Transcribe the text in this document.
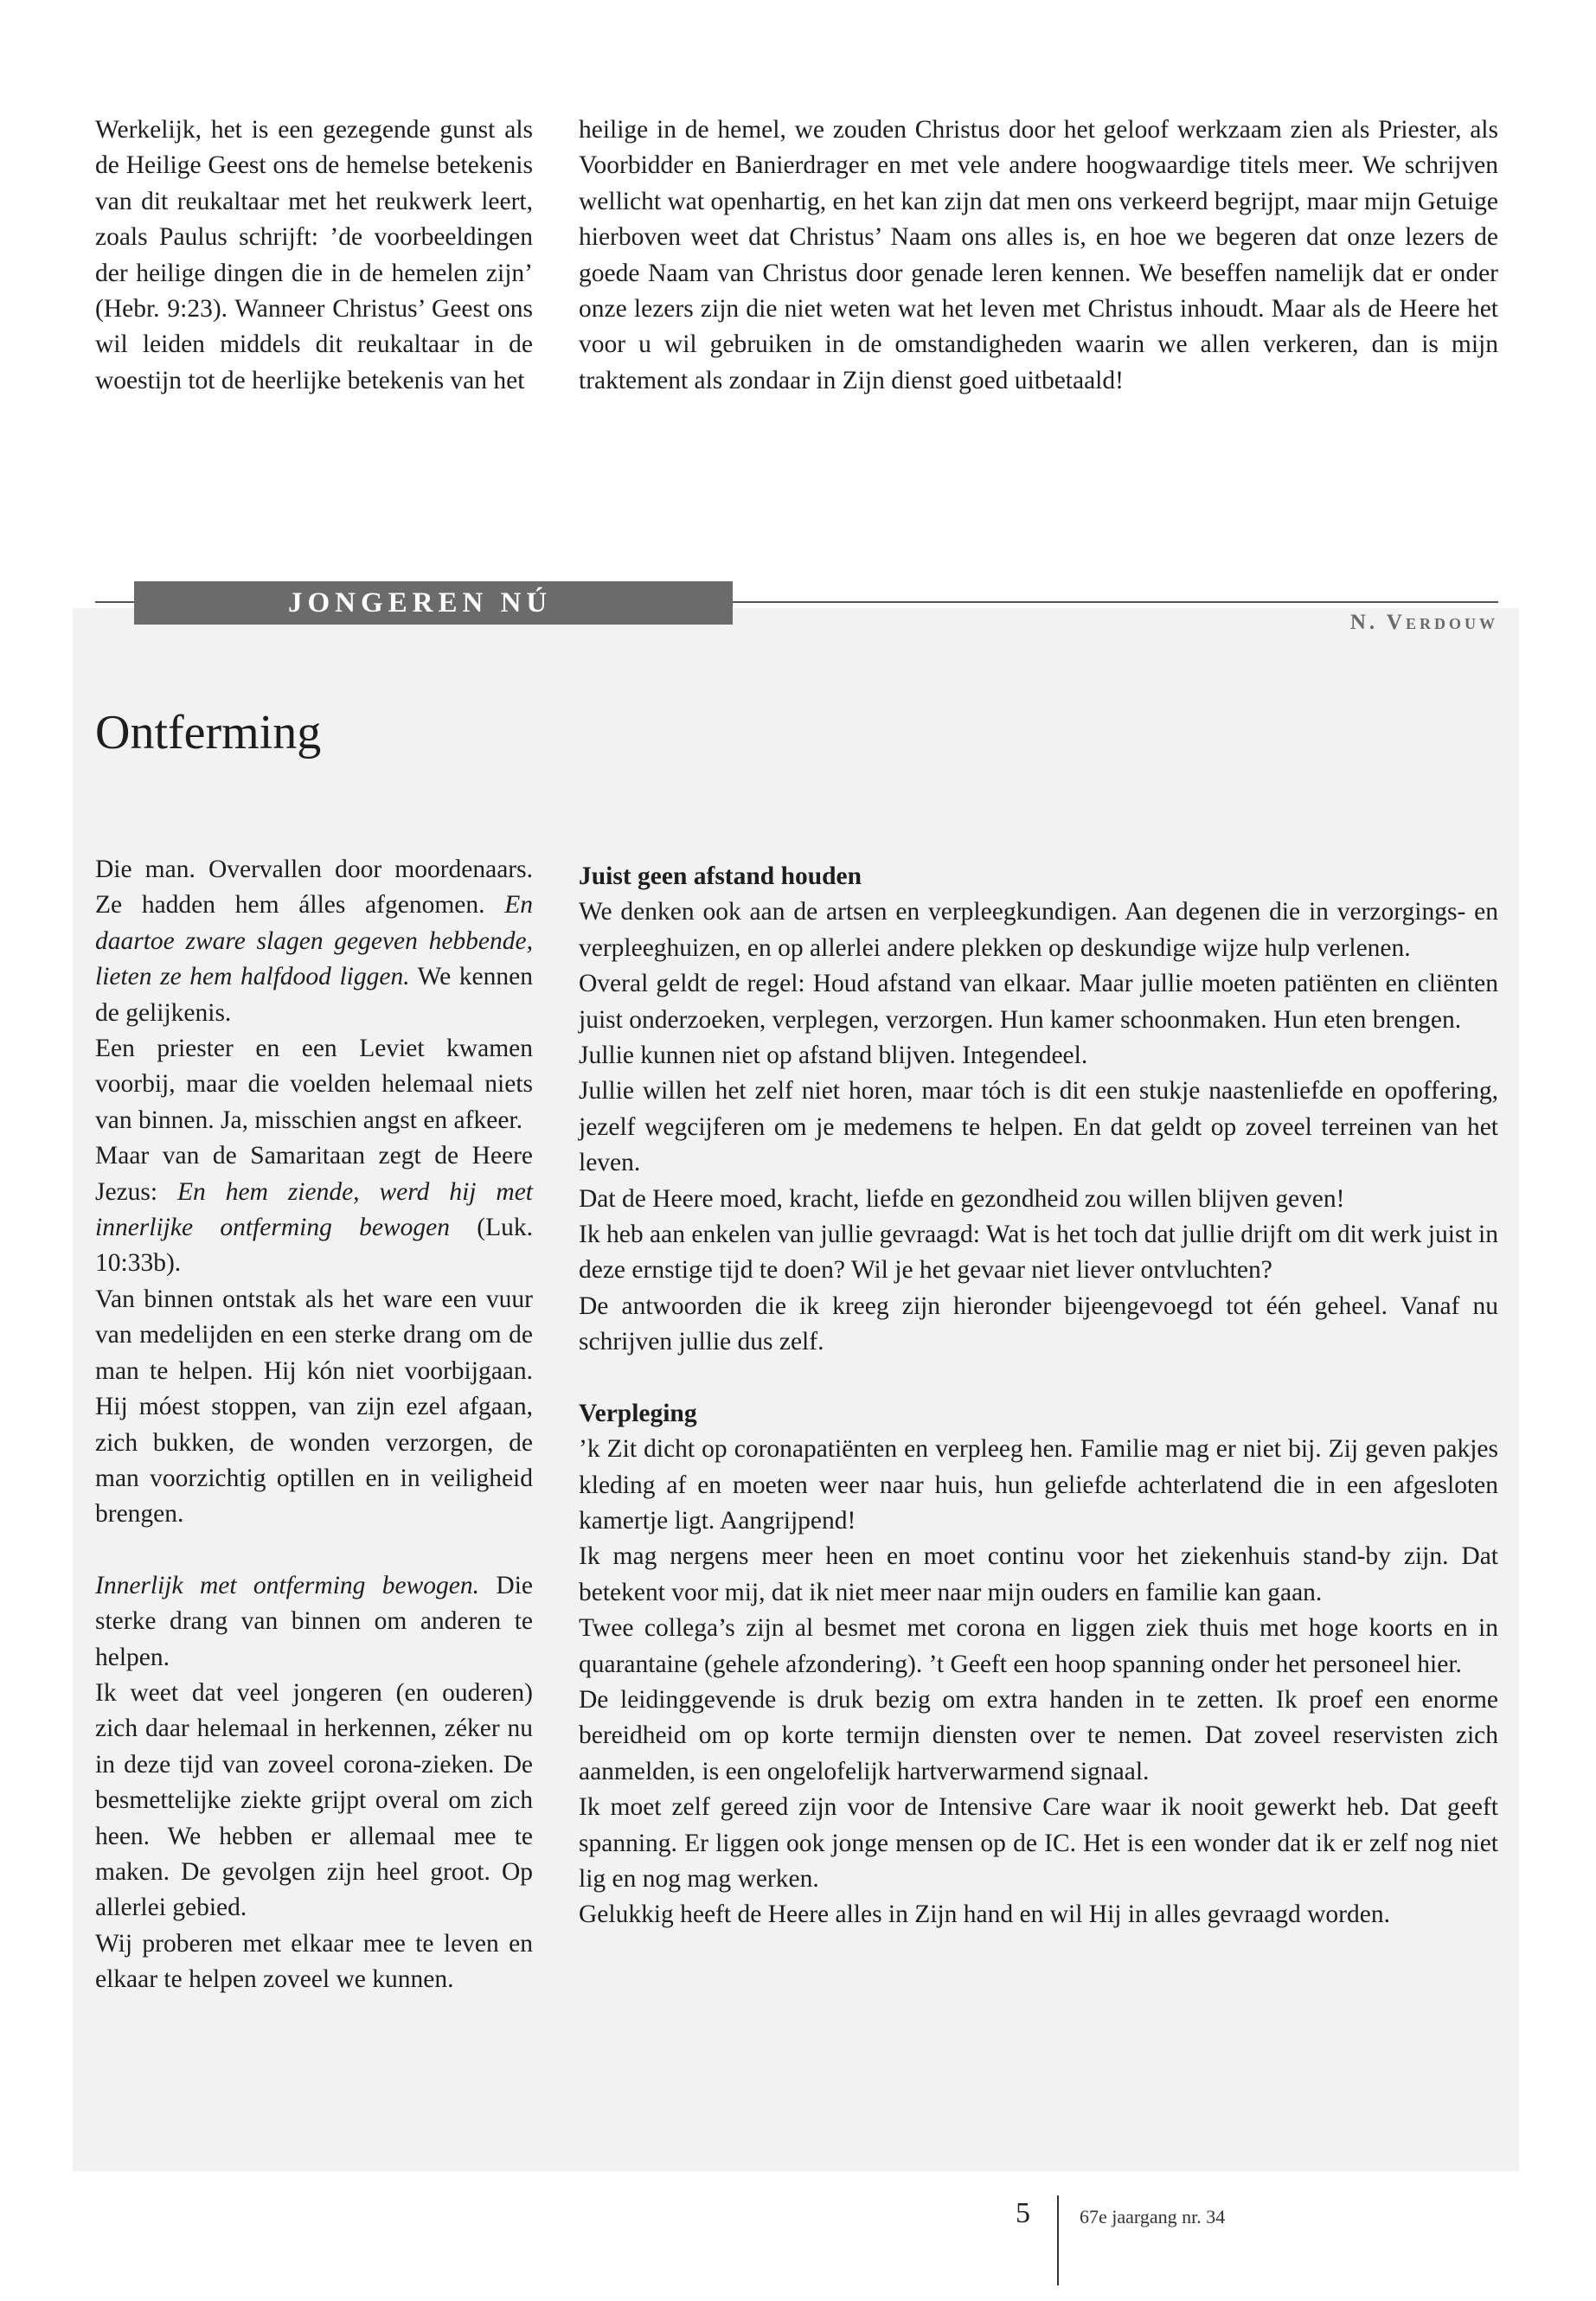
Werkelijk, het is een gezegende gunst als de Heilige Geest ons de hemelse betekenis van dit reukaltaar met het reukwerk leert, zoals Paulus schrijft: ’de voorbeeldingen der heilige dingen die in de hemelen zijn’ (Hebr. 9:23). Wanneer Christus’ Geest ons wil leiden middels dit reukaltaar in de woestijn tot de heerlijke betekenis van het

heilige in de hemel, we zouden Christus door het geloof werkzaam zien als Priester, als Voorbidder en Banierdrager en met vele andere hoogwaardige titels meer. We schrijven wellicht wat openhartig, en het kan zijn dat men ons verkeerd begrijpt, maar mijn Getuige hierboven weet dat Christus’ Naam ons alles is, en hoe we begeren dat onze lezers de goede Naam van Christus door genade leren kennen. We beseffen namelijk dat er onder onze lezers zijn die niet weten wat het leven met Christus inhoudt. Maar als de Heere het voor u wil gebruiken in de omstandigheden waarin we allen verkeren, dan is mijn traktement als zondaar in Zijn dienst goed uitbetaald!

JONGEREN NÚ
N. Verdouw
Ontferming

Die man. Overvallen door moordenaars. Ze hadden hem álles afgenomen. En daartoe zware slagen gegeven hebbende, lieten ze hem halfdood liggen. We kennen de gelijkenis.

Een priester en een Leviet kwamen voorbij, maar die voelden helemaal niets van binnen. Ja, misschien angst en afkeer.

Maar van de Samaritaan zegt de Heere Jezus: En hem ziende, werd hij met innerlijke ontferming bewogen (Luk. 10:33b).

Van binnen ontstak als het ware een vuur van medelijden en een sterke drang om de man te helpen. Hij kón niet voorbijgaan. Hij móest stoppen, van zijn ezel afgaan, zich bukken, de wonden verzorgen, de man voorzichtig optillen en in veiligheid brengen.

Innerlijk met ontferming bewogen. Die sterke drang van binnen om anderen te helpen.

Ik weet dat veel jongeren (en ouderen) zich daar helemaal in herkennen, zéker nu in deze tijd van zoveel corona-zieken. De besmettelijke ziekte grijpt overal om zich heen. We hebben er allemaal mee te maken. De gevolgen zijn heel groot. Op allerlei gebied.

Wij proberen met elkaar mee te leven en elkaar te helpen zoveel we kunnen.

Juist geen afstand houden

We denken ook aan de artsen en verpleegkundigen. Aan degenen die in verzorgings- en verpleeghuizen, en op allerlei andere plekken op deskundige wijze hulp verlenen.

Overal geldt de regel: Houd afstand van elkaar. Maar jullie moeten patiënten en cliënten juist onderzoeken, verplegen, verzorgen. Hun kamer schoonmaken. Hun eten brengen.

Jullie kunnen niet op afstand blijven. Integendeel.

Jullie willen het zelf niet horen, maar tóch is dit een stukje naastenliefde en opoffering, jezelf wegcijferen om je medemens te helpen. En dat geldt op zoveel terreinen van het leven.

Dat de Heere moed, kracht, liefde en gezondheid zou willen blijven geven!

Ik heb aan enkelen van jullie gevraagd: Wat is het toch dat jullie drijft om dit werk juist in deze ernstige tijd te doen? Wil je het gevaar niet liever ontvluchten?

De antwoorden die ik kreeg zijn hieronder bijeengevoegd tot één geheel. Vanaf nu schrijven jullie dus zelf.

Verpleging

’k Zit dicht op coronapatiënten en verpleeg hen. Familie mag er niet bij. Zij geven pakjes kleding af en moeten weer naar huis, hun geliefde achterlatend die in een afgesloten kamertje ligt. Aangrijpend!

Ik mag nergens meer heen en moet continu voor het ziekenhuis stand-by zijn. Dat betekent voor mij, dat ik niet meer naar mijn ouders en familie kan gaan.

Twee collega’s zijn al besmet met corona en liggen ziek thuis met hoge koorts en in quarantaine (gehele afzondering). ’t Geeft een hoop spanning onder het personeel hier.

De leidinggevende is druk bezig om extra handen in te zetten. Ik proef een enorme bereidheid om op korte termijn diensten over te nemen. Dat zoveel reservisten zich aanmelden, is een ongelofelijk hartverwarmend signaal.

Ik moet zelf gereed zijn voor de Intensive Care waar ik nooit gewerkt heb. Dat geeft spanning. Er liggen ook jonge mensen op de IC. Het is een wonder dat ik er zelf nog niet lig en nog mag werken.

Gelukkig heeft de Heere alles in Zijn hand en wil Hij in alles gevraagd worden.

5	67e jaargang nr. 34
